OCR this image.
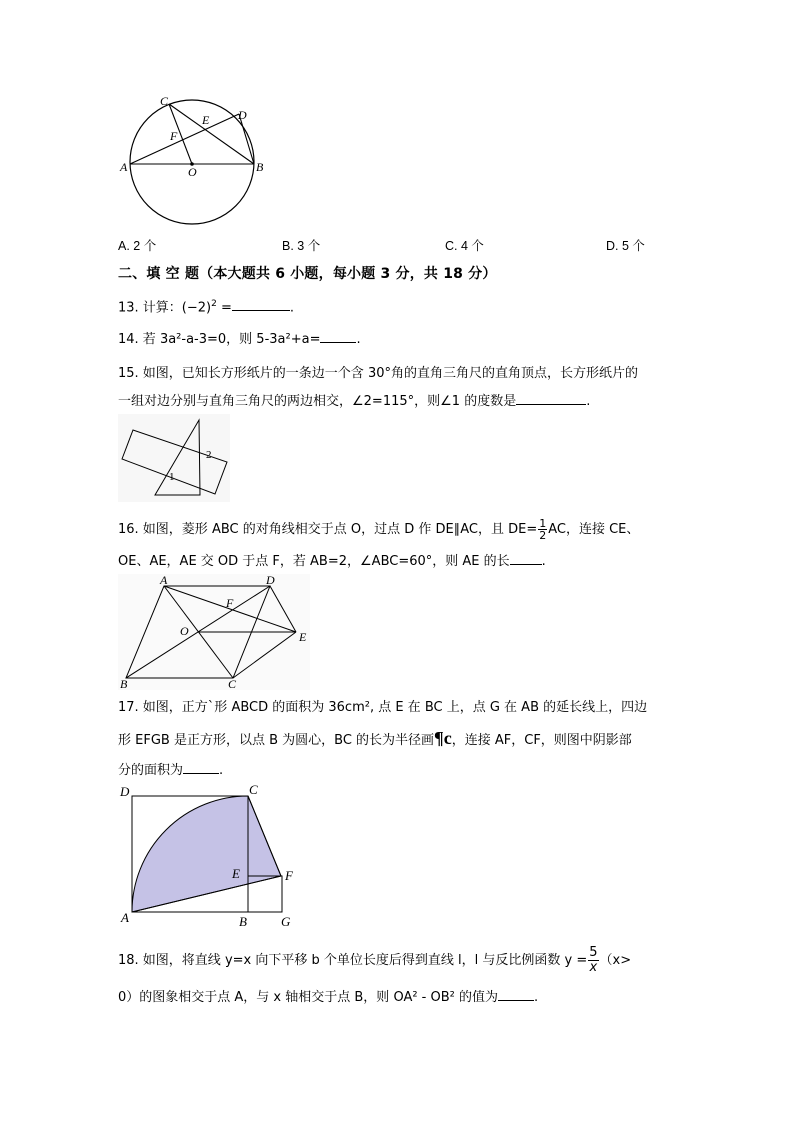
C
D
E
F
A	O	B
A. 2 个	B. 3 个	C. 4 个	D. 5 个
二、填 空 题（本大题共 6 小题，每小题 3 分，共 18 分）
13. 计算：$(-2)^2$ =	.
14. 若 3a²-a-3=0，则 5-3a²+a=	.
15. 如图，已知长方形纸片的一条边一个含 30°角的直角三角尺的直角顶点，长方形纸片的
一组对边分别与直角三角尺的两边相交，∠2=115°，则∠1 的度数是	.
1
2
16. 如图，菱形 ABC 的对角线相交于点 O，过点 D 作 DE∥AC，且 $DE= \frac{1}{2}$ AC，连接 CE、
OE、AE，AE 交 OD 于点 F，若 AB=2，∠ABC=60°，则 AE 的长 .
A	D
F
O	E
B	C
17. 如图，正方`形 ABCD 的面积为 36cm², 点 E 在 BC 上，点 G 在 AB 的延长线上，四边
形 EFGB 是正方形，以点 B 为圆心，BC 的长为半径画¶c，连接 AF，CF，则图中阴影部
分的面积为	.
D	C
E	F
A	B	G
18. 如图，将直线 y=x 向下平移 b 个单位长度后得到直线 l，l 与反比例函数 $y = \frac{5}{x} (x>$
0）的图象相交于点 A，与 x 轴相交于点 B，则 OA² - OB² 的值为	.
